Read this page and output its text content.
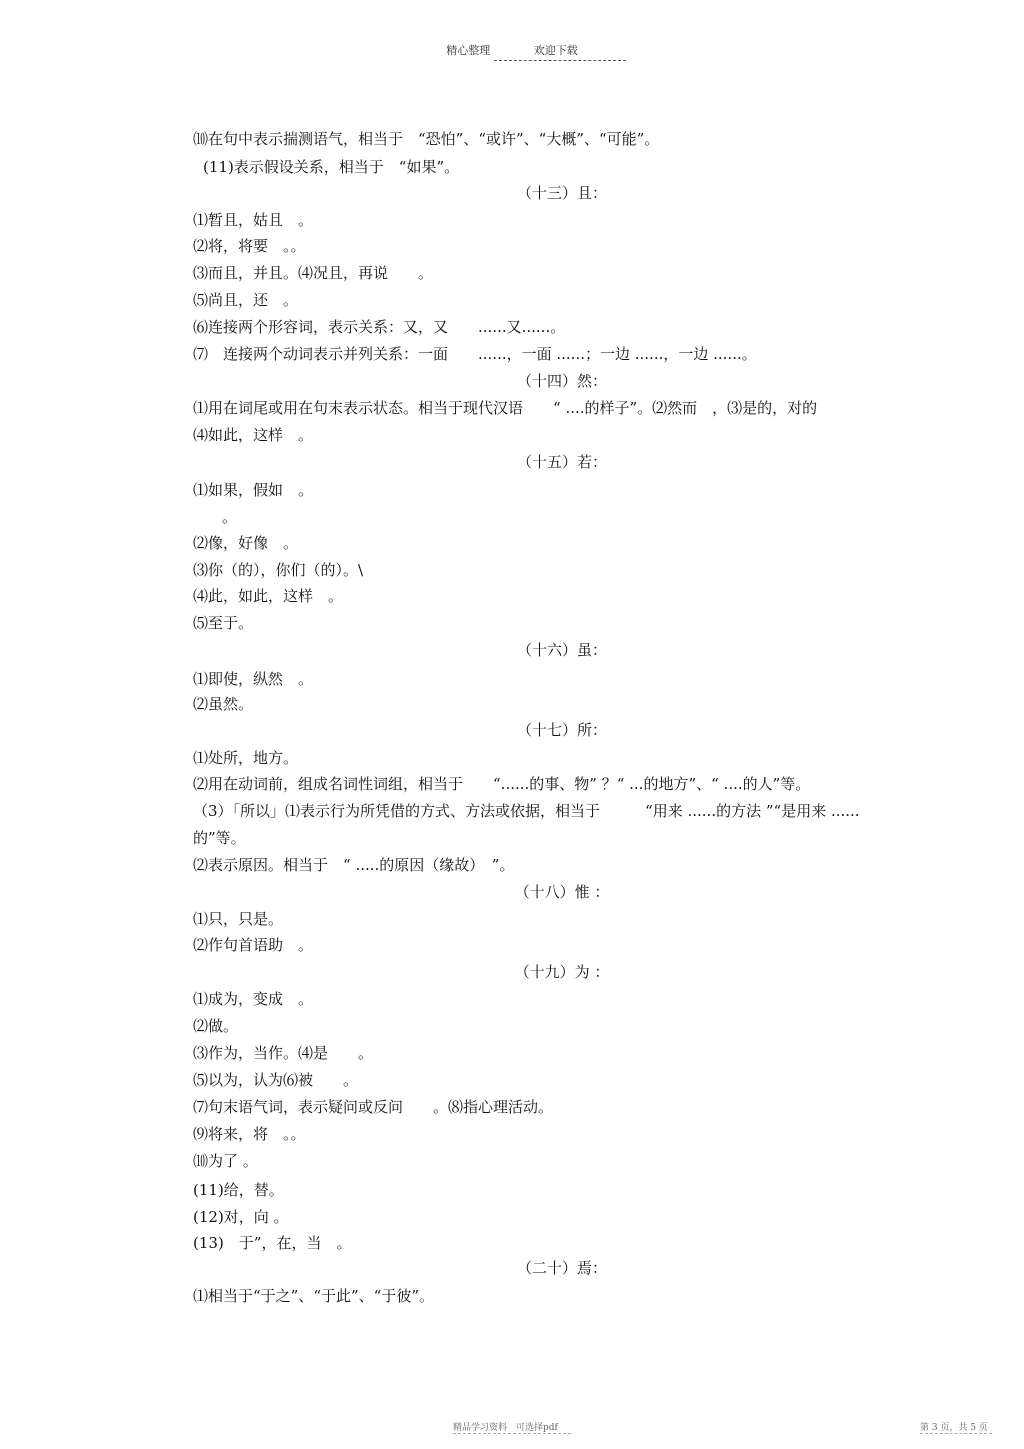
精心整理	欢迎下载
⑽在句中表示揣测语气，相当于　“恐怕”、“或许”、“大概”、“可能”。
(11)表示假设关系，相当于　“如果”。
（十三）且：
⑴暂且，姑且　。
⑵将，将要　。。
⑶而且，并且。⑷况且，再说　　。
⑸尚且，还　。
⑹连接两个形容词，表示关系：又，又　　......又......。
⑺　连接两个动词表示并列关系：一面　　......，一面 ......；一边 ......，一边 ......。
（十四）然：
⑴用在词尾或用在句末表示状态。相当于现代汉语　　“ ....的样子”。⑵然而　，⑶是的，对的
⑷如此，这样　。
（十五）若：
⑴如果，假如　。
。
⑵像，好像　。
⑶你（的），你们（的）。\
⑷此，如此，这样　。
⑸至于。
（十六）虽：
⑴即使，纵然　。
⑵虽然。
（十七）所：
⑴处所，地方。
⑵用在动词前，组成名词性词组，相当于　　“......的事、物” ？“ ...的地方”、“ ....的人”等。
（3）「所以」⑴表示行为所凭借的方式、方法或依据，相当于　　　“用来 ......的方法 ”“是用来 ......
的”等。
⑵表示原因。相当于　“ .....的原因（缘故）　”。
（十八）惟 ：
⑴只，只是。
⑵作句首语助　。
（十九）为 ：
⑴成为，变成　。
⑵做。
⑶作为，当作。⑷是　　。
⑸以为，认为⑹被　　。
⑺句末语气词，表示疑问或反问　　。⑻指心理活动。
⑼将来，将　。。
⑽为了 。
(11)给，替。
(12)对，向 。
(13)　于”，在，当　。
（二十）焉：
⑴相当于“于之”、“于此”、“于彼”。
精品学习资料　可选择pdf	第 3 页，共 5 页
